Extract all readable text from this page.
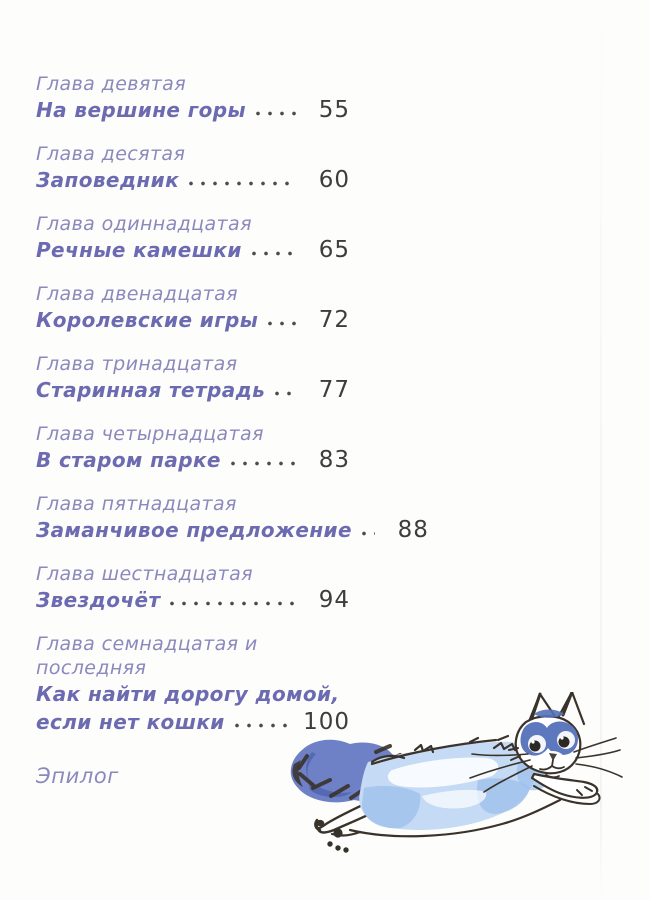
Глава девятая
На вершине горы	55
Глава десятая
Заповедник	60
Глава одиннадцатая
Речные камешки	65
Глава двенадцатая
Королевские игры	72
Глава тринадцатая
Старинная тетрадь	77
Глава четырнадцатая
В старом парке	83
Глава пятнадцатая
Заманчивое предложение	88
Глава шестнадцатая
Звездочёт	94
Глава семнадцатая и последняя
Как найти дорогу домой,
если нет кошки	100
Эпилог
